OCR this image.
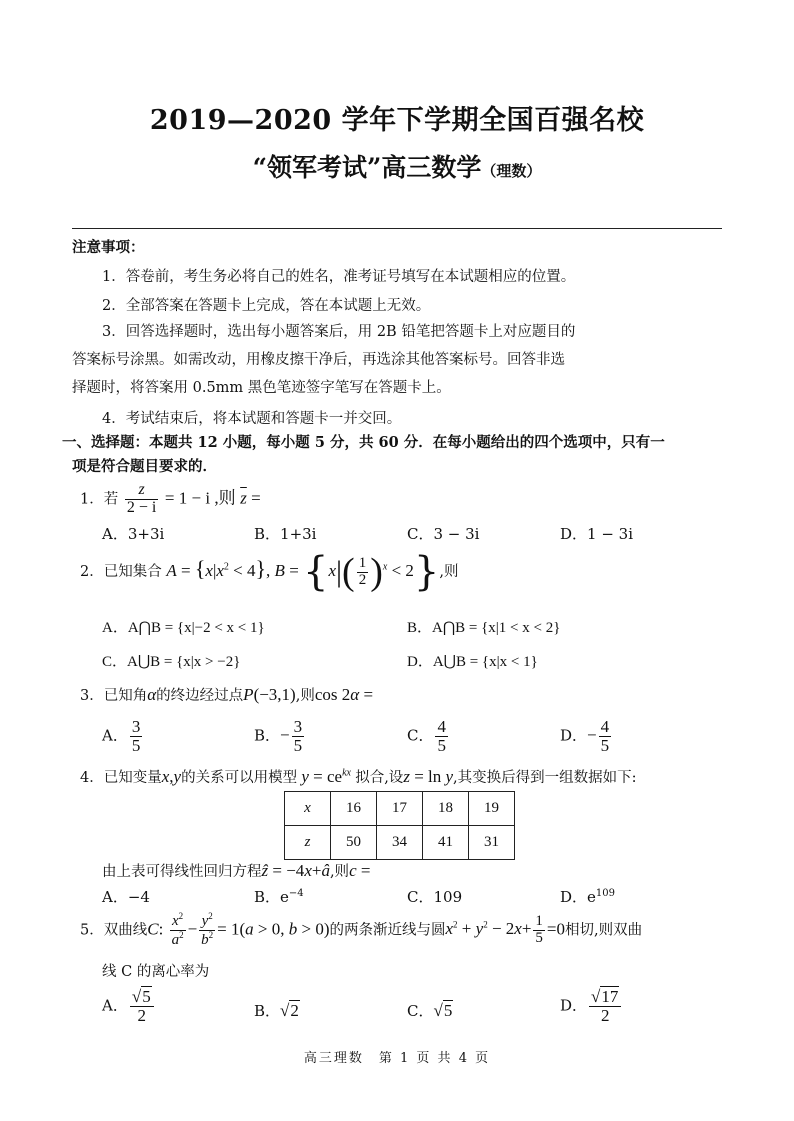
2019—2020 学年下学期全国百强名校
“领军考试”高三数学（理数）
注意事项：
1．答卷前，考生务必将自己的姓名，准考证号填写在本试题相应的位置。
2．全部答案在答题卡上完成，答在本试题上无效。
3．回答选择题时，选出每小题答案后，用 2B 铅笔把答题卡上对应题目的
答案标号涂黑。如需改动，用橡皮擦干净后，再选涂其他答案标号。回答非选
择题时，将答案用 0.5mm 黑色笔迹签字笔写在答题卡上。
4．考试结束后，将本试题和答题卡一并交回。
一、选择题：本题共 12 小题，每小题 5 分，共 60 分．在每小题给出的四个选项中，只有一
项是符合题目要求的．
1．若 $\frac{z}{2 - i} = 1 - i$ ,则 $\overline{z}$ =
A．3+3i	B．1+3i	C．3 − 3i	D．1 − 3i
2．已知集合 $A = \{x|x^2 < 4\}$, $B = \{x|( \frac{1}{2} )^x < 2\}$,则
A．A⋂B = {x|−2 < x < 1}	B．A⋂B = {x|1 < x < 2}
C．A⋃B = {x|x > −2}	D．A⋃B = {x|x < 1}
3．已知角α的终边经过点P(−3,1),则cos 2α =
A． $\frac{3}{5}$	B．− $\frac{3}{5}$	C． $\frac{4}{5}$	D．− $\frac{4}{5}$
4．已知变量x,y的关系可以用模型 $y = ce^{kx}$ 拟合,设z = ln y,其变换后得到一组数据如下:
x	16	17	18	19
z	50	34	41	31
由上表可得线性回归方程ẑ = −4x+â,则c =
A．−4	B．$e^{-4}$	C．109	D．$e^{109}$
5．双曲线C: $\frac{x^2}{a^2} - \frac{y^2}{b^2} = 1(a > 0$, b > 0)的两条渐近线与圆$x^2 + y^2 - 2x+ \frac{1}{5} =0$相切,则双曲
线 C 的离心率为
A． $\frac{√5}{2}$	B．√2	C．√5	D． $\frac{√17}{2}$
高三理数　第 1 页 共 4 页
